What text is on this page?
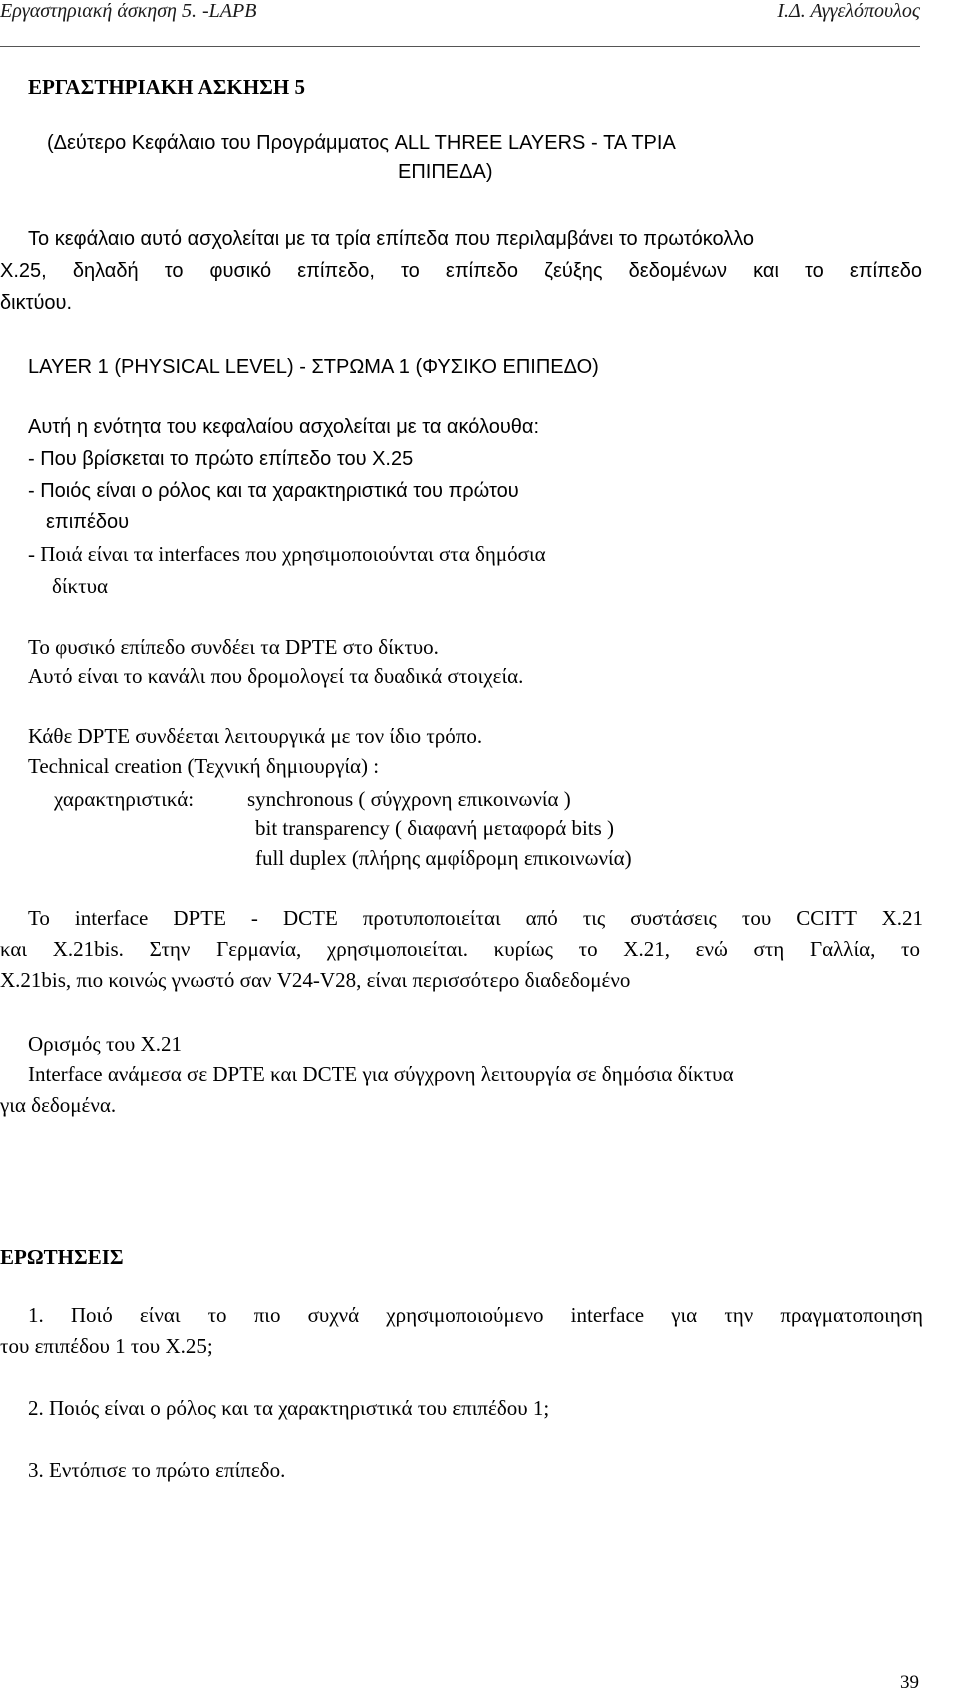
Εργαστηριακή άσκηση 5. -LAPB	Ι.Δ. Αγγελόπουλος
ΕΡΓΑΣΤΗΡΙΑΚΗ ΑΣΚΗΣΗ 5
(Δεύτερο Κεφάλαιο του Προγράμματος ALL THREE LAYERS - ΤΑ ΤΡΙΑ
ΕΠΙΠΕΔΑ)
Το κεφάλαιο αυτό ασχολείται με τα τρία επίπεδα που περιλαμβάνει το πρωτόκολλο
X.25, δηλαδή το φυσικό επίπεδο, το επίπεδο ζεύξης δεδομένων και το επίπεδο
δικτύου.
LAYER 1 (PHYSICAL LEVEL) - ΣΤΡΩΜΑ 1 (ΦΥΣΙΚΟ ΕΠΙΠΕΔΟ)
Αυτή η ενότητα του κεφαλαίου ασχολείται με τα ακόλουθα:
- Που βρίσκεται το πρώτο επίπεδο του Χ.25
- Ποιός είναι ο ρόλος και τα χαρακτηριστικά του πρώτου
επιπέδου
- Ποιά είναι τα interfaces που χρησιμοποιούνται στα δημόσια
δίκτυα
Το φυσικό επίπεδο συνδέει τα DPTE στο δίκτυο.
Αυτό είναι το κανάλι που δρομολογεί τα δυαδικά στοιχεία.
Κάθε DPTE συνδέεται λειτουργικά με τον ίδιο τρόπο.
Technical creation (Τεχνική δημιουργία) :
χαρακτηριστικά:	synchronous ( σύγχρονη επικοινωνία )
bit transparency ( διαφανή μεταφορά bits )
full duplex (πλήρης αμφίδρομη επικοινωνία)
Το interface DPTE - DCTE προτυποποιείται από τις συστάσεις του CCITT X.21
και X.21bis. Στην Γερμανία, χρησιμοποιείται. κυρίως το X.21, ενώ στη Γαλλία, το
X.21bis, πιο κοινώς γνωστό σαν V24-V28, είναι περισσότερο διαδεδομένο
Ορισμός του Χ.21
Interface ανάμεσα σε DPTE και DCTE για σύγχρονη λειτουργία σε δημόσια δίκτυα
για δεδομένα.
ΕΡΩΤΗΣΕΙΣ
1. Ποιό είναι το πιο συχνά χρησιμοποιούμενο interface για την πραγματοποιηση
του επιπέδου 1 του Χ.25;
2. Ποιός είναι ο ρόλος και τα χαρακτηριστικά του επιπέδου 1;
3. Εντόπισε το πρώτο επίπεδο.
39
